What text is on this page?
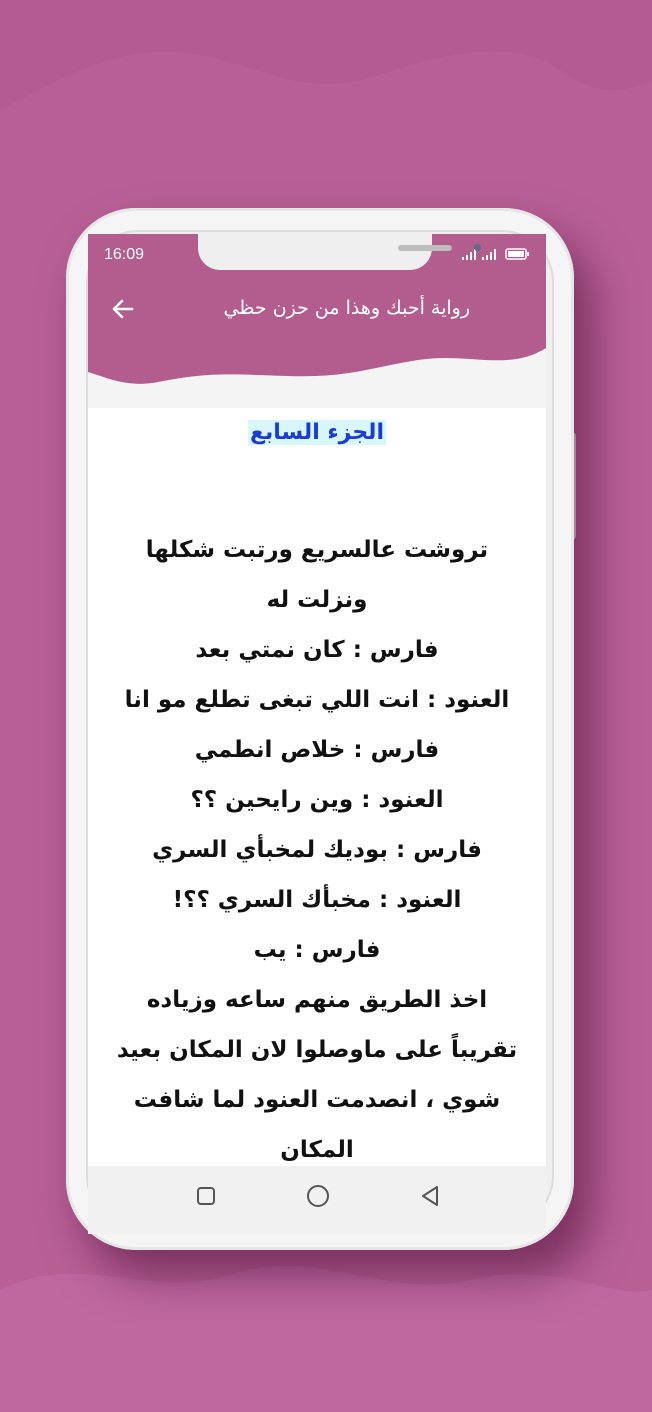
16:09
رواية أحبك وهذا من حزن حظي
الجزء السابع

تروشت عالسريع ورتبت شكلها ونزلت له

فارس : كان نمتي بعد

العنود : انت اللي تبغى تطلع مو انا

فارس : خلاص انطمي

العنود : وين رايحين ؟؟

فارس : بوديك لمخبأي السري

العنود : مخبأك السري ؟؟!

فارس : يب

اخذ الطريق منهم ساعه وزياده تقريباً على ماوصلوا لان المكان بعيد شوي ، انصدمت العنود لما شافت المكان
